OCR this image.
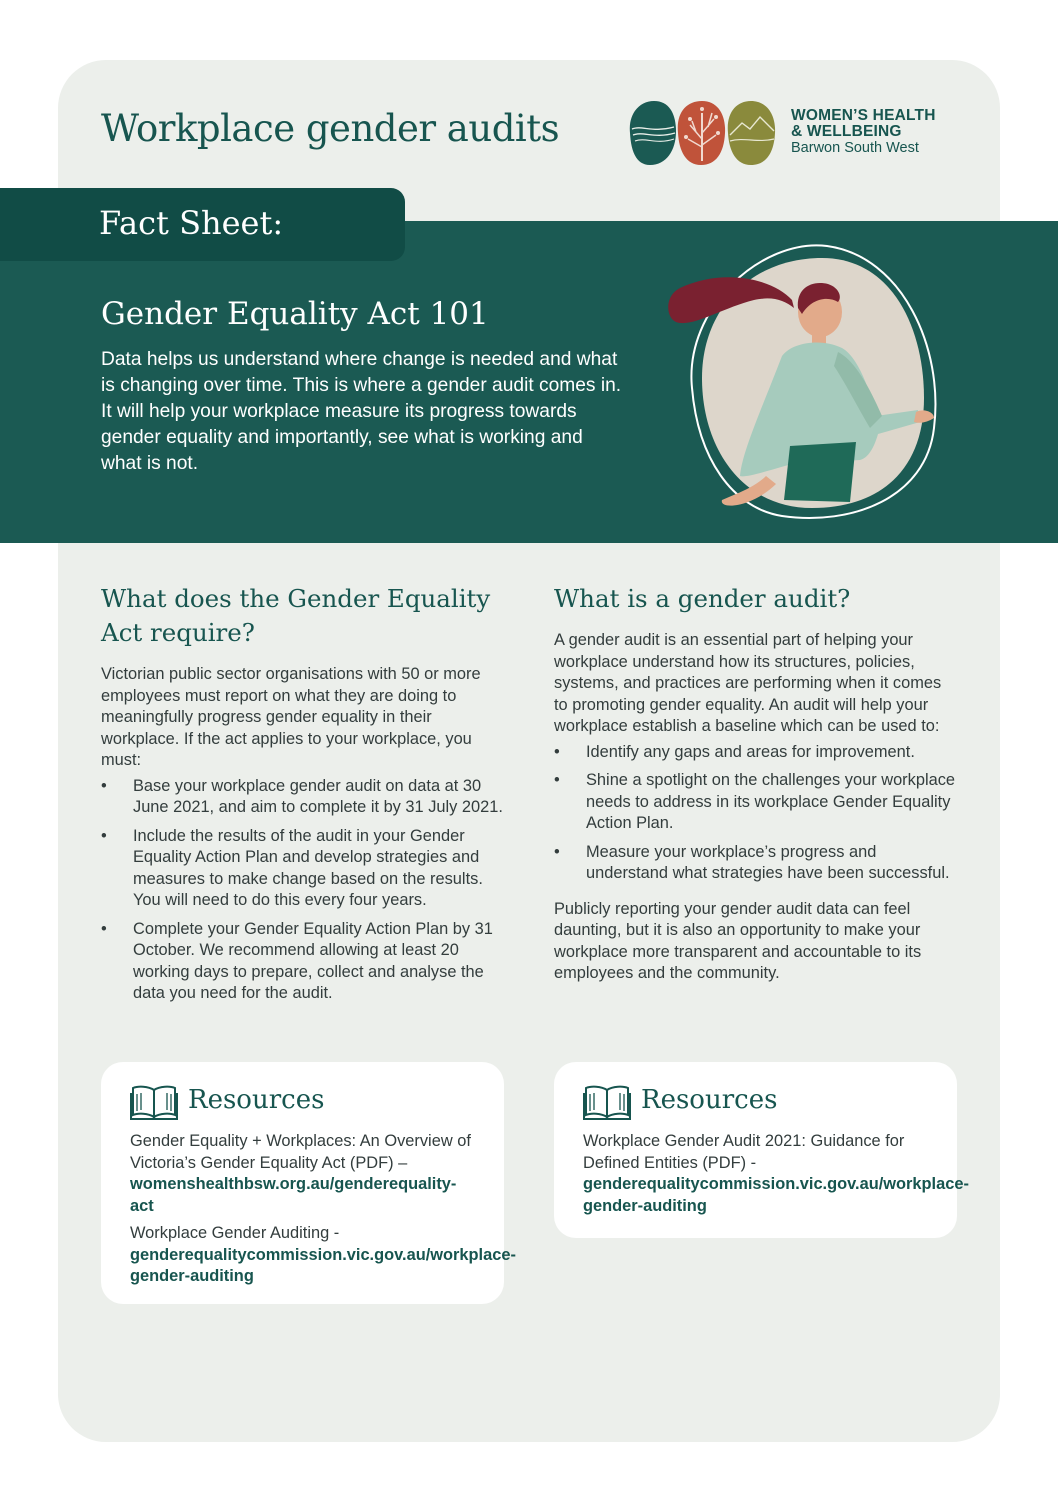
Workplace gender audits	WOMEN’S HEALTH
& WELLBEING
Barwon South West
Fact Sheet:
Gender Equality Act 101

Data helps us understand where change is needed and what is changing over time. This is where a gender audit comes in. It will help your workplace measure its progress towards gender equality and importantly, see what is working and what is not.

What does the Gender Equality Act require?

Victorian public sector organisations with 50 or more employees must report on what they are doing to meaningfully progress gender equality in their workplace. If the act applies to your workplace, you must:

• Base your workplace gender audit on data at 30 June 2021, and aim to complete it by 31 July 2021.
• Include the results of the audit in your Gender Equality Action Plan and develop strategies and measures to make change based on the results. You will need to do this every four years.
• Complete your Gender Equality Action Plan by 31 October. We recommend allowing at least 20 working days to prepare, collect and analyse the data you need for the audit.
What is a gender audit?

A gender audit is an essential part of helping your workplace understand how its structures, policies, systems, and practices are performing when it comes to promoting gender equality. An audit will help your workplace establish a baseline which can be used to:

• Identify any gaps and areas for improvement.
• Shine a spotlight on the challenges your workplace needs to address in its workplace Gender Equality Action Plan.
• Measure your workplace’s progress and understand what strategies have been successful.

Publicly reporting your gender audit data can feel daunting, but it is also an opportunity to make your workplace more transparent and accountable to its employees and the community.

Resources
Gender Equality + Workplaces: An Overview of Victoria’s Gender Equality Act (PDF) –
womenshealthbsw.org.au/genderequality-act
Workplace Gender Auditing -
genderequalitycommission.vic.gov.au/workplace-gender-auditing
Resources
Workplace Gender Audit 2021: Guidance for Defined Entities (PDF) -
genderequalitycommission.vic.gov.au/workplace-gender-auditing
